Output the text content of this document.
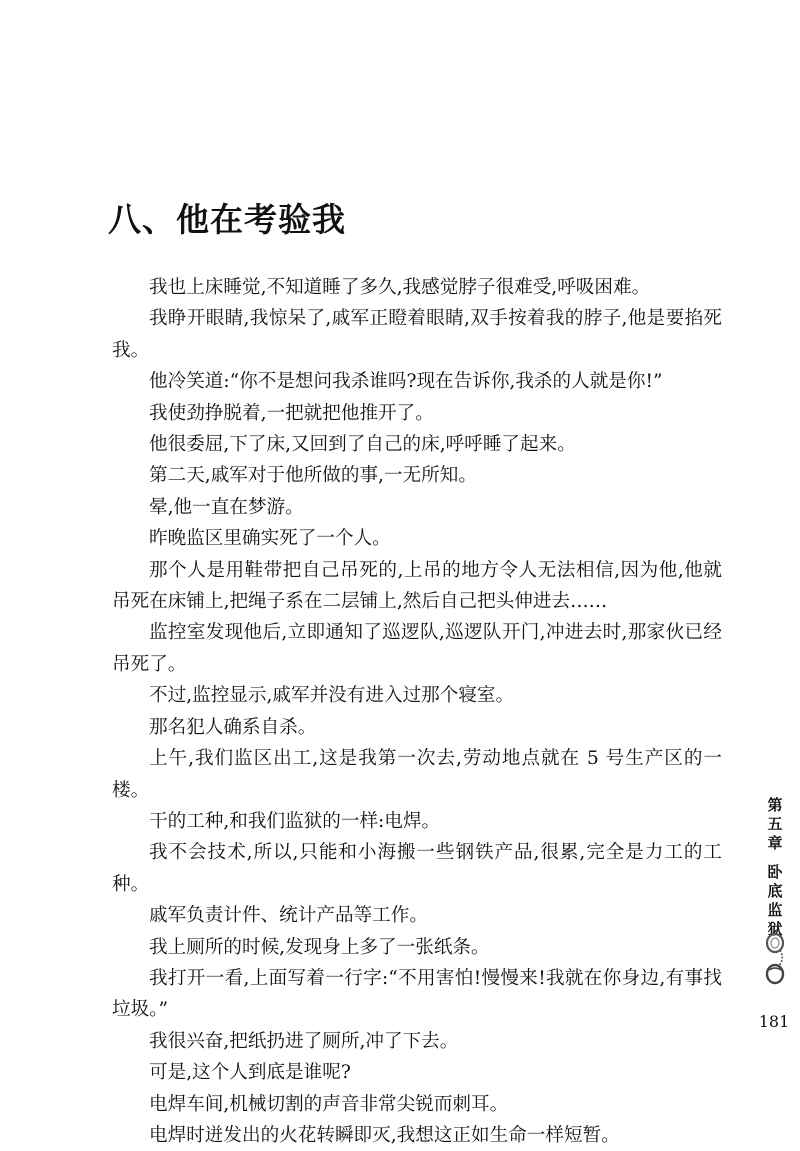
八、他在考验我

我也上床睡觉,不知道睡了多久,我感觉脖子很难受,呼吸困难。

我睁开眼睛,我惊呆了,戚军正瞪着眼睛,双手按着我的脖子,他是要掐死我。

他冷笑道:“你不是想问我杀谁吗?现在告诉你,我杀的人就是你!”

我使劲挣脱着,一把就把他推开了。

他很委屈,下了床,又回到了自己的床,呼呼睡了起来。

第二天,戚军对于他所做的事,一无所知。

晕,他一直在梦游。

昨晚监区里确实死了一个人。

那个人是用鞋带把自己吊死的,上吊的地方令人无法相信,因为他,他就吊死在床铺上,把绳子系在二层铺上,然后自己把头伸进去……

监控室发现他后,立即通知了巡逻队,巡逻队开门,冲进去时,那家伙已经吊死了。

不过,监控显示,戚军并没有进入过那个寝室。

那名犯人确系自杀。

上午,我们监区出工,这是我第一次去,劳动地点就在 5 号生产区的一楼。

干的工种,和我们监狱的一样:电焊。

我不会技术,所以,只能和小海搬一些钢铁产品,很累,完全是力工的工种。

戚军负责计件、统计产品等工作。

我上厕所的时候,发现身上多了一张纸条。

我打开一看,上面写着一行字:“不用害怕!慢慢来!我就在你身边,有事找垃圾。”

我很兴奋,把纸扔进了厕所,冲了下去。

可是,这个人到底是谁呢?

电焊车间,机械切割的声音非常尖锐而刺耳。

电焊时迸发出的火花转瞬即灭,我想这正如生命一样短暂。

第
五
章
卧
底
监
狱
181
